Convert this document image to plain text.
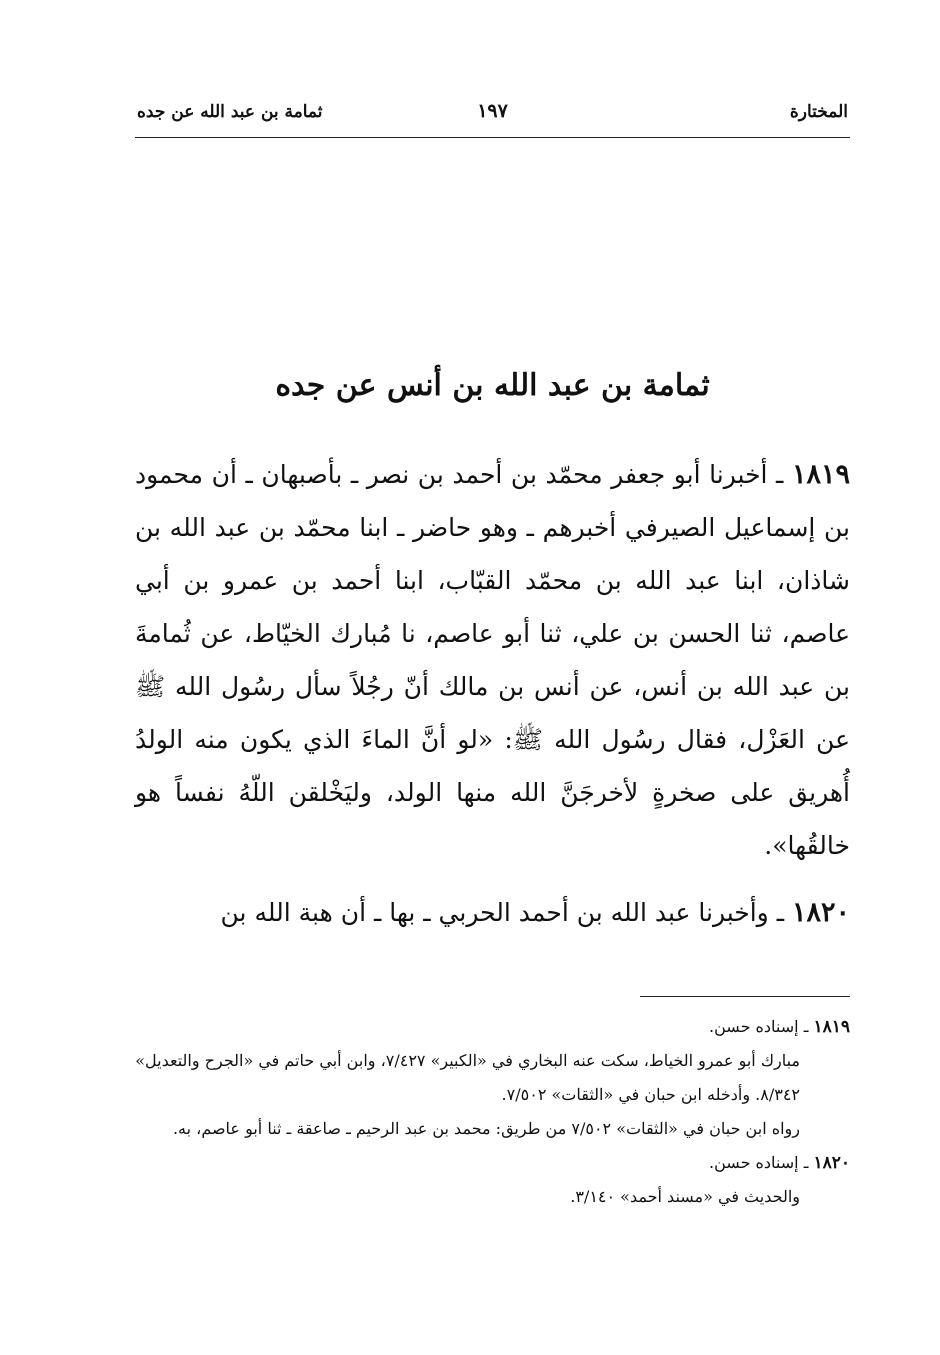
المختارة
١٩٧
ثمامة بن عبد الله عن جده
ثمامة بن عبد الله بن أنس عن جده

١٨١٩ ـ أخبرنا أبو جعفر محمّد بن أحمد بن نصر ـ بأصبهان ـ أن محمود بن إسماعيل الصيرفي أخبرهم ـ وهو حاضر ـ ابنا محمّد بن عبد الله بن شاذان، ابنا عبد الله بن محمّد القبّاب، ابنا أحمد بن عمرو بن أبي عاصم، ثنا الحسن بن علي، ثنا أبو عاصم، نا مُبارك الخيّاط، عن ثُمامةَ بن عبد الله بن أنس، عن أنس بن مالك أنّ رجُلاً سأل رسُول الله ﷺ عن العَزْل، فقال رسُول الله ﷺ: «لو أنَّ الماءَ الذي يكون منه الولدُ أُهريق على صخرةٍ لأخرجَنَّ الله منها الولد، وليَخْلقن اللّهُ نفساً هو خالقُها».

١٨٢٠ ـ وأخبرنا عبد الله بن أحمد الحربي ـ بها ـ أن هبة الله بن

١٨١٩ ـ إسناده حسن.

مبارك أبو عمرو الخياط، سكت عنه البخاري في «الكبير» ٧/٤٢٧، وابن أبي حاتم في «الجرح والتعديل» ٨/٣٤٢. وأدخله ابن حبان في «الثقات» ٧/٥٠٢.

رواه ابن حبان في «الثقات» ٧/٥٠٢ من طريق: محمد بن عبد الرحيم ـ صاعقة ـ ثنا أبو عاصم، به.

١٨٢٠ ـ إسناده حسن.

والحديث في «مسند أحمد» ٣/١٤٠.
